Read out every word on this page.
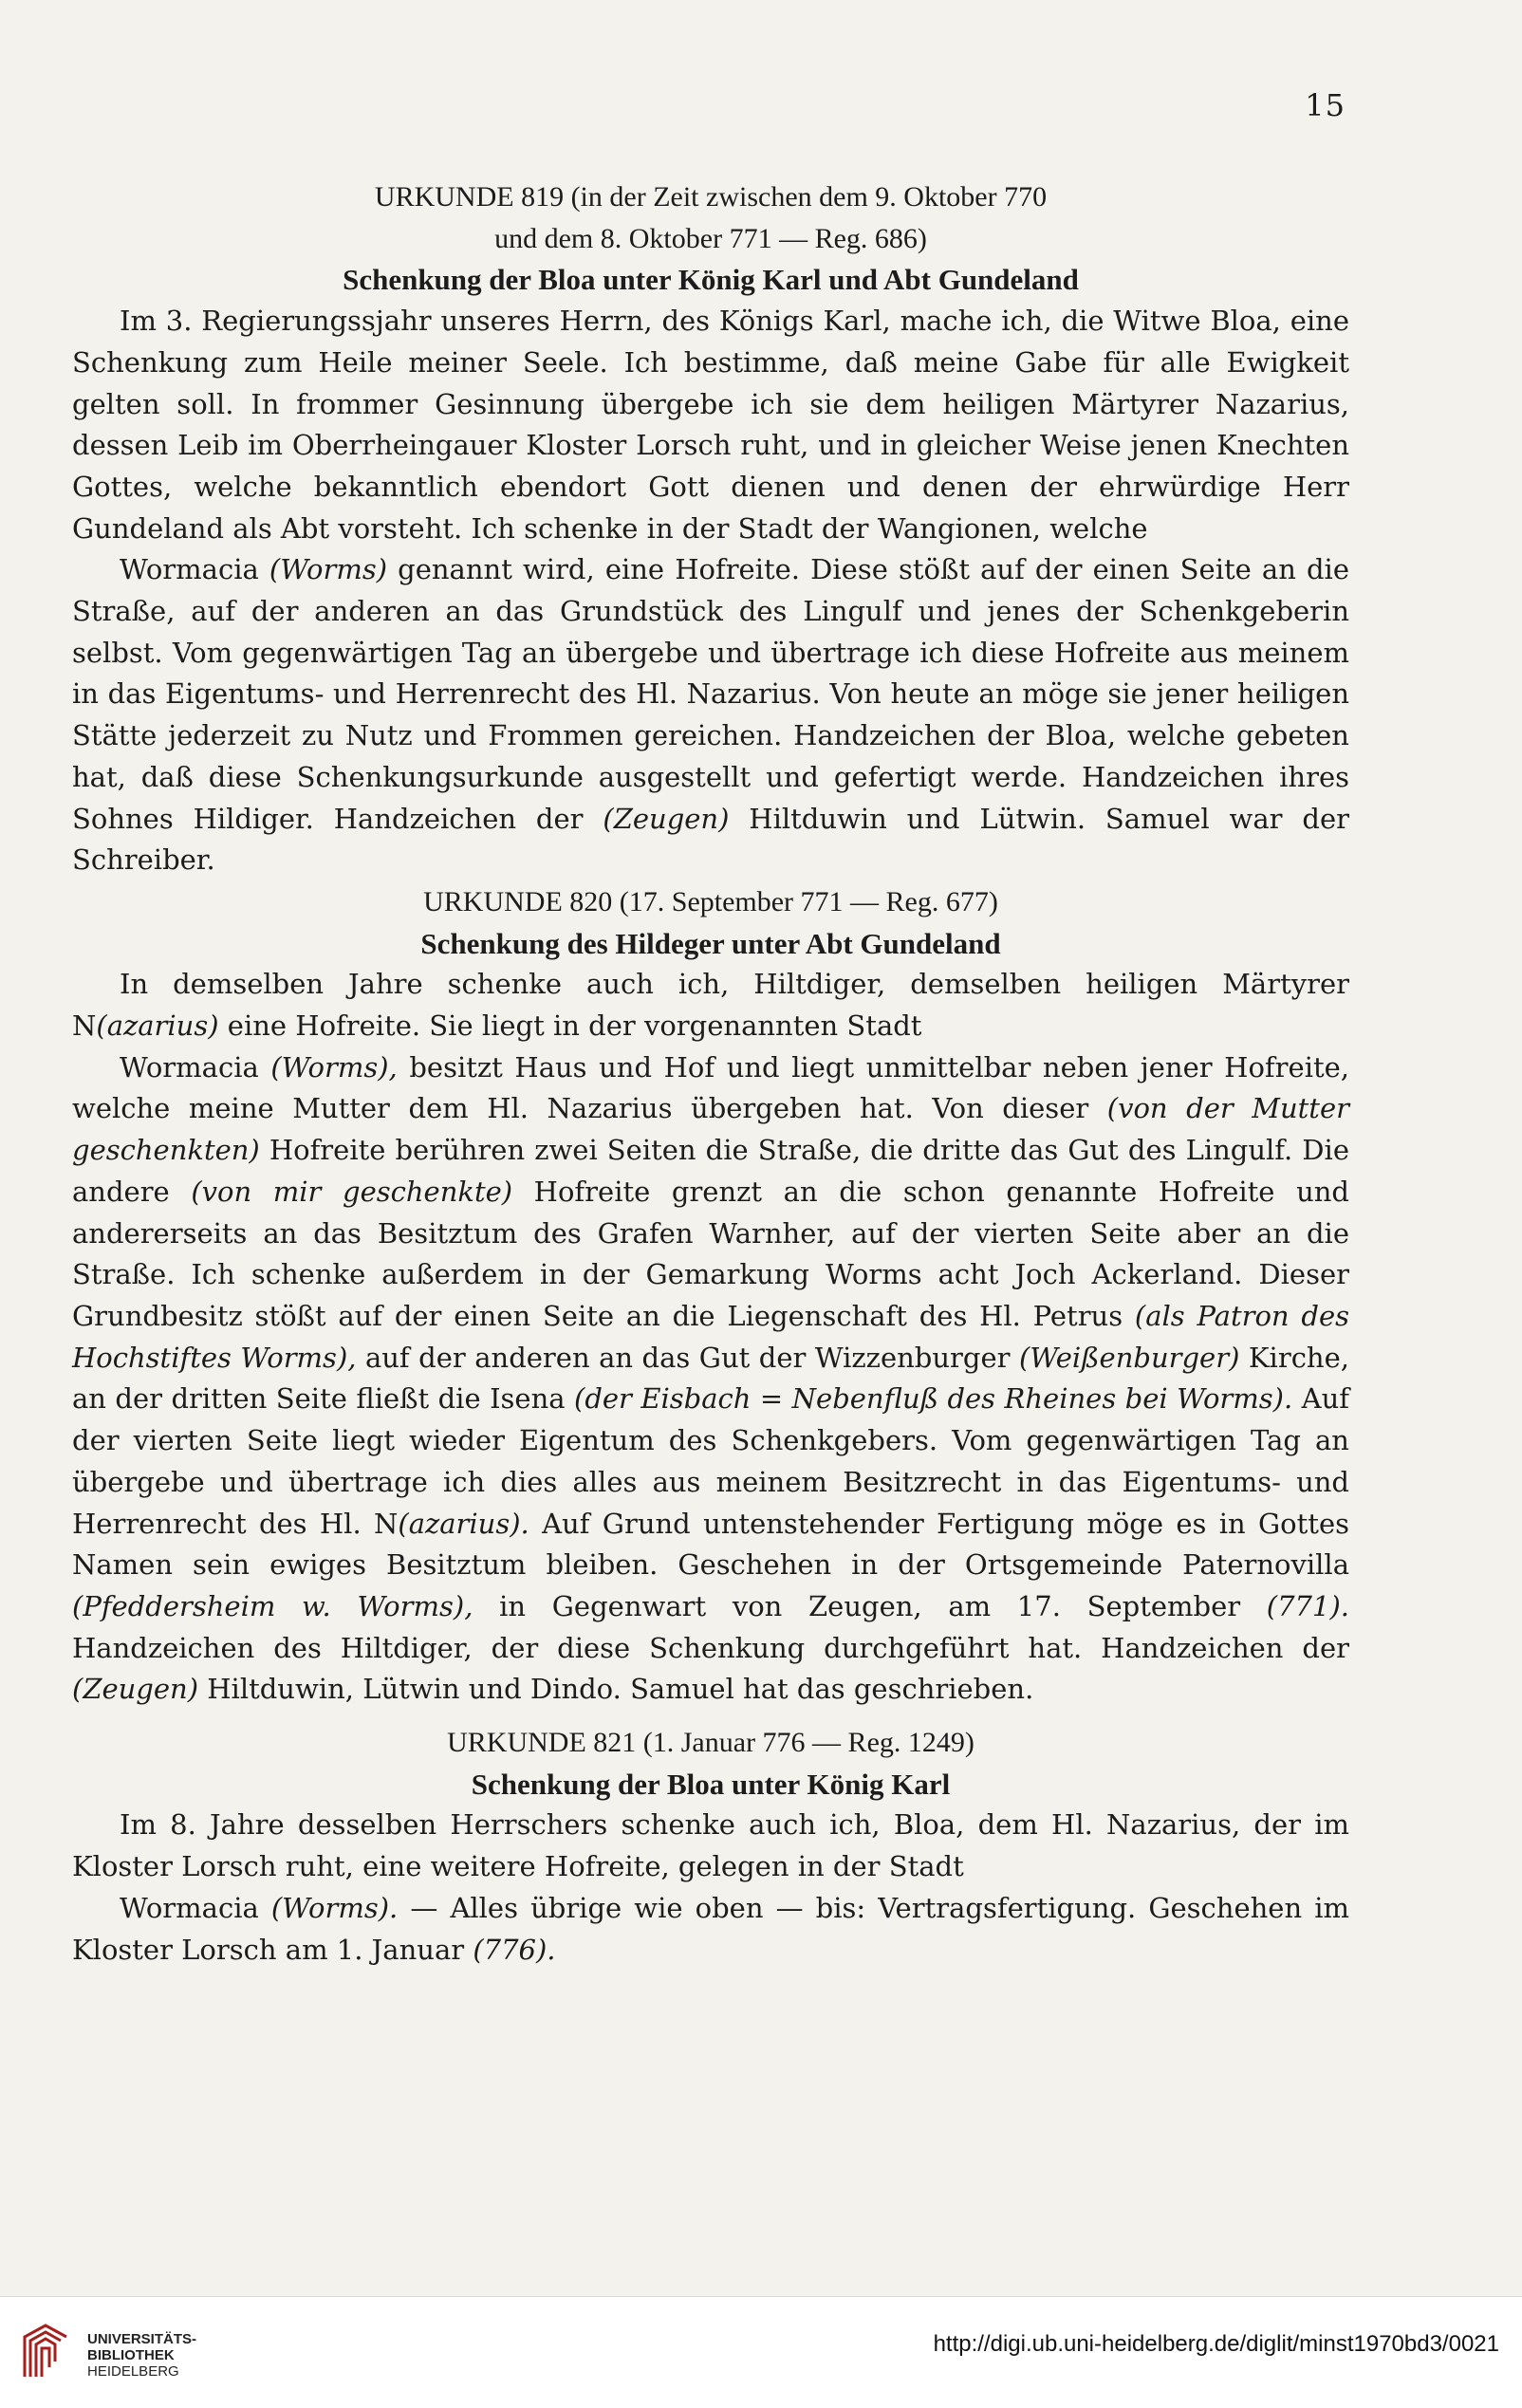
15
URKUNDE 819 (in der Zeit zwischen dem 9. Oktober 770
und dem 8. Oktober 771 — Reg. 686)
Schenkung der Bloa unter König Karl und Abt Gundeland

Im 3. Regierungssjahr unseres Herrn, des Königs Karl, mache ich, die Witwe Bloa, eine Schenkung zum Heile meiner Seele. Ich bestimme, daß meine Gabe für alle Ewigkeit gelten soll. In frommer Gesinnung übergebe ich sie dem heiligen Märtyrer Nazarius, dessen Leib im Oberrheingauer Kloster Lorsch ruht, und in gleicher Weise jenen Knechten Gottes, welche bekanntlich ebendort Gott dienen und denen der ehrwürdige Herr Gundeland als Abt vorsteht. Ich schenke in der Stadt der Wangionen, welche

Wormacia (Worms) genannt wird, eine Hofreite. Diese stößt auf der einen Seite an die Straße, auf der anderen an das Grundstück des Lingulf und jenes der Schenkgeberin selbst. Vom gegenwärtigen Tag an übergebe und übertrage ich diese Hofreite aus meinem in das Eigentums- und Herrenrecht des Hl. Nazarius. Von heute an möge sie jener heiligen Stätte jederzeit zu Nutz und Frommen gereichen. Handzeichen der Bloa, welche gebeten hat, daß diese Schenkungsurkunde ausgestellt und gefertigt werde. Handzeichen ihres Sohnes Hildiger. Handzeichen der (Zeugen) Hiltduwin und Lütwin. Samuel war der Schreiber.

URKUNDE 820 (17. September 771 — Reg. 677)
Schenkung des Hildeger unter Abt Gundeland

In demselben Jahre schenke auch ich, Hiltdiger, demselben heiligen Märtyrer N(azarius) eine Hofreite. Sie liegt in der vorgenannten Stadt

Wormacia (Worms), besitzt Haus und Hof und liegt unmittelbar neben jener Hofreite, welche meine Mutter dem Hl. Nazarius übergeben hat. Von dieser (von der Mutter geschenkten) Hofreite berühren zwei Seiten die Straße, die dritte das Gut des Lingulf. Die andere (von mir geschenkte) Hofreite grenzt an die schon genannte Hofreite und andererseits an das Besitztum des Grafen Warnher, auf der vierten Seite aber an die Straße. Ich schenke außerdem in der Gemarkung Worms acht Joch Ackerland. Dieser Grundbesitz stößt auf der einen Seite an die Liegenschaft des Hl. Petrus (als Patron des Hochstiftes Worms), auf der anderen an das Gut der Wizzenburger (Weißenburger) Kirche, an der dritten Seite fließt die Isena (der Eisbach = Nebenfluß des Rheines bei Worms). Auf der vierten Seite liegt wieder Eigentum des Schenkgebers. Vom gegenwärtigen Tag an übergebe und übertrage ich dies alles aus meinem Besitzrecht in das Eigentums- und Herrenrecht des Hl. N(azarius). Auf Grund untenstehender Fertigung möge es in Gottes Namen sein ewiges Besitztum bleiben. Geschehen in der Ortsgemeinde Paternovilla (Pfeddersheim w. Worms), in Gegenwart von Zeugen, am 17. September (771). Handzeichen des Hiltdiger, der diese Schenkung durchgeführt hat. Handzeichen der (Zeugen) Hiltduwin, Lütwin und Dindo. Samuel hat das geschrieben.

URKUNDE 821 (1. Januar 776 — Reg. 1249)
Schenkung der Bloa unter König Karl

Im 8. Jahre desselben Herrschers schenke auch ich, Bloa, dem Hl. Nazarius, der im Kloster Lorsch ruht, eine weitere Hofreite, gelegen in der Stadt

Wormacia (Worms). — Alles übrige wie oben — bis: Vertragsfertigung. Geschehen im Kloster Lorsch am 1. Januar (776).

UNIVERSITÄTS-
BIBLIOTHEK
HEIDELBERG
http://digi.ub.uni-heidelberg.de/diglit/minst1970bd3/0021
